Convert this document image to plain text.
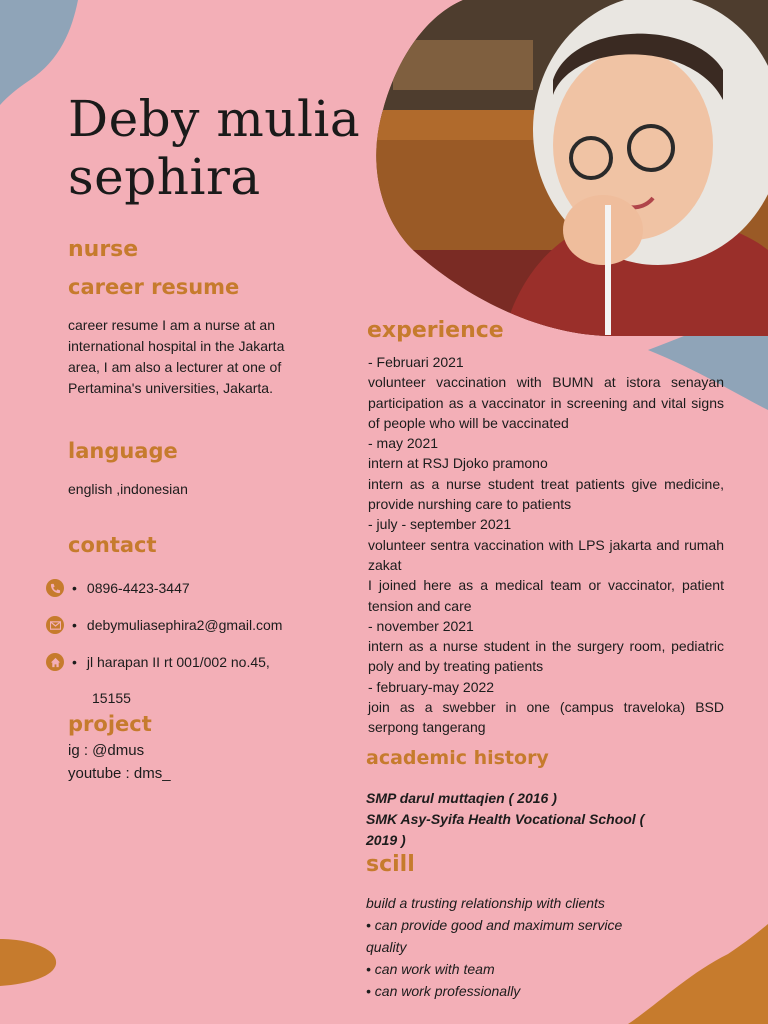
Deby mulia
sephira
nurse
career resume
career resume I am a nurse at an international hospital in the Jakarta area, I am also a lecturer at one of Pertamina's universities, Jakarta.
language
english ,indonesian
contact
• 0896-4423-3447
• debymuliasephira2@gmail.com
• jl harapan II rt 001/002 no.45,
15155
project
ig : @dmus
youtube : dms_
experience
- Februari 2021
volunteer vaccination with BUMN at istora senayan participation as a vaccinator in screening and vital signs of people who will be vaccinated
- may 2021
intern at RSJ Djoko pramono
intern as a nurse student treat patients give medicine, provide nurshing care to patients
- july - september 2021
volunteer sentra vaccination with LPS jakarta and rumah zakat
I joined here as a medical team or vaccinator, patient tension and care
- november 2021
intern as a nurse student in the surgery room, pediatric poly and by treating patients
- february-may 2022
join as a swebber in one (campus traveloka) BSD serpong tangerang
academic history
SMP darul muttaqien ( 2016 )
SMK Asy-Syifa Health Vocational School ( 2019 )
scill
build a trusting relationship with clients
• can provide good and maximum service quality
• can work with team
• can work professionally
